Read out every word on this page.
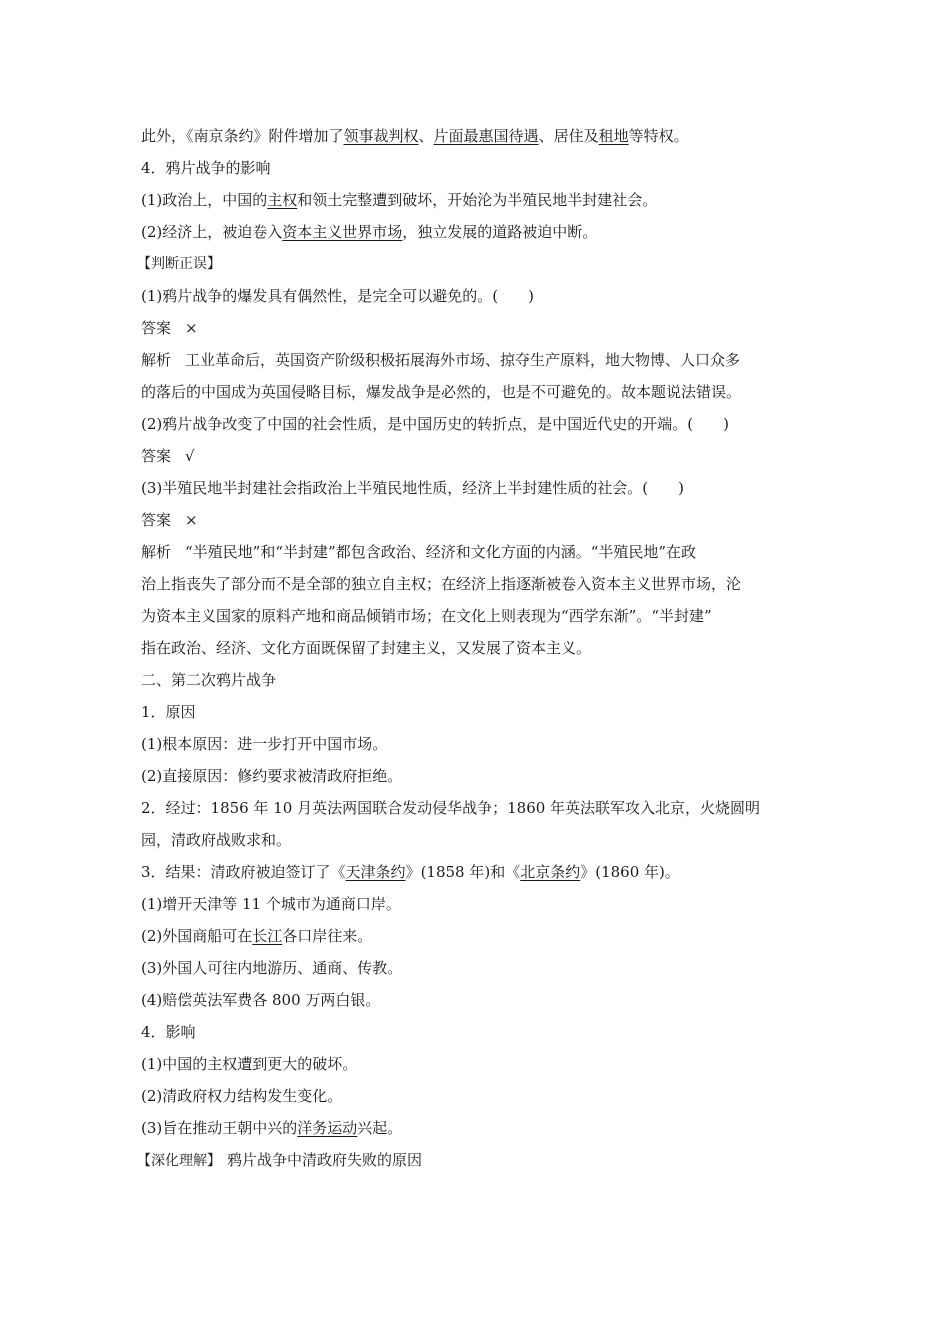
此外，《南京条约》附件增加了领事裁判权、片面最惠国待遇、居住及租地等特权。
4．鸦片战争的影响
(1)政治上，中国的主权和领土完整遭到破坏，开始沦为半殖民地半封建社会。
(2)经济上，被迫卷入资本主义世界市场，独立发展的道路被迫中断。
【判断正误】
(1)鸦片战争的爆发具有偶然性，是完全可以避免的。(　　)
答案 ×
解析 工业革命后，英国资产阶级积极拓展海外市场、掠夺生产原料，地大物博、人口众多
的落后的中国成为英国侵略目标，爆发战争是必然的，也是不可避免的。故本题说法错误。
(2)鸦片战争改变了中国的社会性质，是中国历史的转折点，是中国近代史的开端。(　　)
答案 √
(3)半殖民地半封建社会指政治上半殖民地性质，经济上半封建性质的社会。(　　)
答案 ×
解析 “半殖民地”和“半封建”都包含政治、经济和文化方面的内涵。“半殖民地”在政
治上指丧失了部分而不是全部的独立自主权；在经济上指逐渐被卷入资本主义世界市场，沦
为资本主义国家的原料产地和商品倾销市场；在文化上则表现为“西学东渐”。“半封建”
指在政治、经济、文化方面既保留了封建主义，又发展了资本主义。
二、第二次鸦片战争
1．原因
(1)根本原因：进一步打开中国市场。
(2)直接原因：修约要求被清政府拒绝。
2．经过：1856 年 10 月英法两国联合发动侵华战争；1860 年英法联军攻入北京，火烧圆明
园，清政府战败求和。
3．结果：清政府被迫签订了《天津条约》(1858 年)和《北京条约》(1860 年)。
(1)增开天津等 11 个城市为通商口岸。
(2)外国商船可在长江各口岸往来。
(3)外国人可往内地游历、通商、传教。
(4)赔偿英法军费各 800 万两白银。
4．影响
(1)中国的主权遭到更大的破坏。
(2)清政府权力结构发生变化。
(3)旨在推动王朝中兴的洋务运动兴起。
【深化理解】 鸦片战争中清政府失败的原因
